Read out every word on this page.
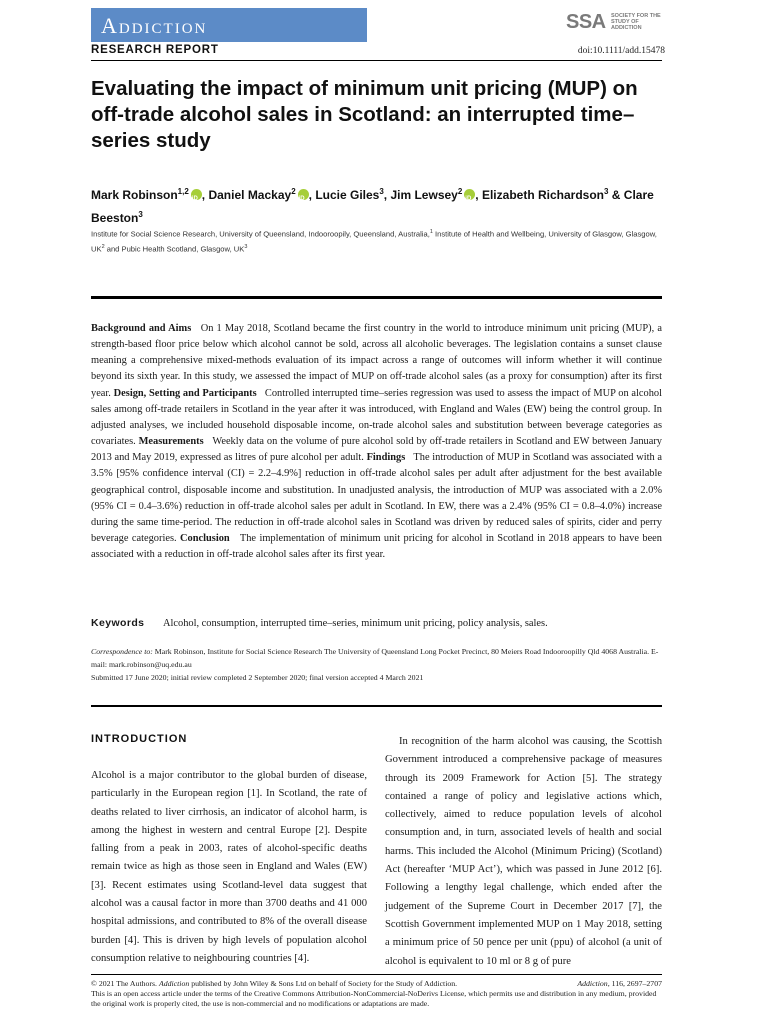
Addiction	SSA SOCIETY FOR THE STUDY OF ADDICTION
RESEARCH REPORT	doi:10.1111/add.15478
Evaluating the impact of minimum unit pricing (MUP) on off-trade alcohol sales in Scotland: an interrupted time–series study
Mark Robinson$^{1,2}$ iD , Daniel Mackay$^2$ iD , Lucie Giles$^3$, Jim Lewsey$^2$ iD , Elizabeth Richardson$^3$ & Clare Beeston$^3$
Institute for Social Science Research, University of Queensland, Indooroopily, Queensland, Australia,$^1$ Institute of Health and Wellbeing, University of Glasgow, Glasgow, $UK^2$ and Pubic Health Scotland, Glasgow, $UK^3$
Background and Aims On 1 May 2018, Scotland became the first country in the world to introduce minimum unit pricing (MUP), a strength-based floor price below which alcohol cannot be sold, across all alcoholic beverages. The legislation contains a sunset clause meaning a comprehensive mixed-methods evaluation of its impact across a range of outcomes will inform whether it will continue beyond its sixth year. In this study, we assessed the impact of MUP on off-trade alcohol sales (as a proxy for consumption) after its first year. Design, Setting and Participants Controlled interrupted time–series regression was used to assess the impact of MUP on alcohol sales among off-trade retailers in Scotland in the year after it was introduced, with England and Wales (EW) being the control group. In adjusted analyses, we included household disposable income, on-trade alcohol sales and substitution between beverage categories as covariates. Measurements Weekly data on the volume of pure alcohol sold by off-trade retailers in Scotland and EW between January 2013 and May 2019, expressed as litres of pure alcohol per adult. Findings The introduction of MUP in Scotland was associated with a 3.5% [95% confidence interval (CI) = 2.2–4.9%] reduction in off-trade alcohol sales per adult after adjustment for the best available geographical control, disposable income and substitution. In unadjusted analysis, the introduction of MUP was associated with a 2.0% (95% CI = 0.4–3.6%) reduction in off-trade alcohol sales per adult in Scotland. In EW, there was a 2.4% (95% CI = 0.8–4.0%) increase during the same time-period. The reduction in off-trade alcohol sales in Scotland was driven by reduced sales of spirits, cider and perry beverage categories. Conclusion The implementation of minimum unit pricing for alcohol in Scotland in 2018 appears to have been associated with a reduction in off-trade alcohol sales after its first year.
Keywords Alcohol, consumption, interrupted time–series, minimum unit pricing, policy analysis, sales.
Correspondence to: Mark Robinson, Institute for Social Science Research The University of Queensland Long Pocket Precinct, 80 Meiers Road Indooroopilly Qld 4068 Australia. E-mail: mark.robinson@uq.edu.au
Submitted 17 June 2020; initial review completed 2 September 2020; final version accepted 4 March 2021
INTRODUCTION

Alcohol is a major contributor to the global burden of disease, particularly in the European region [1]. In Scotland, the rate of deaths related to liver cirrhosis, an indicator of alcohol harm, is among the highest in western and central Europe [2]. Despite falling from a peak in 2003, rates of alcohol-specific deaths remain twice as high as those seen in England and Wales (EW) [3]. Recent estimates using Scotland-level data suggest that alcohol was a causal factor in more than 3700 deaths and 41 000 hospital admissions, and contributed to 8% of the overall disease burden [4]. This is driven by high levels of population alcohol consumption relative to neighbouring countries [4].

In recognition of the harm alcohol was causing, the Scottish Government introduced a comprehensive package of measures through its 2009 Framework for Action [5]. The strategy contained a range of policy and legislative actions which, collectively, aimed to reduce population levels of alcohol consumption and, in turn, associated levels of health and social harms. This included the Alcohol (Minimum Pricing) (Scotland) Act (hereafter ‘MUP Act’), which was passed in June 2012 [6]. Following a lengthy legal challenge, which ended after the judgement of the Supreme Court in December 2017 [7], the Scottish Government implemented MUP on 1 May 2018, setting a minimum price of 50 pence per unit (ppu) of alcohol (a unit of alcohol is equivalent to 10 ml or 8 g of pure

© 2021 The Authors. Addiction published by John Wiley & Sons Ltd on behalf of Society for the Study of Addiction.	Addiction, 116, 2697–2707
This is an open access article under the terms of the Creative Commons Attribution-NonCommercial-NoDerivs License, which permits use and distribution in any medium, provided the original work is properly cited, the use is non-commercial and no modifications or adaptations are made.
